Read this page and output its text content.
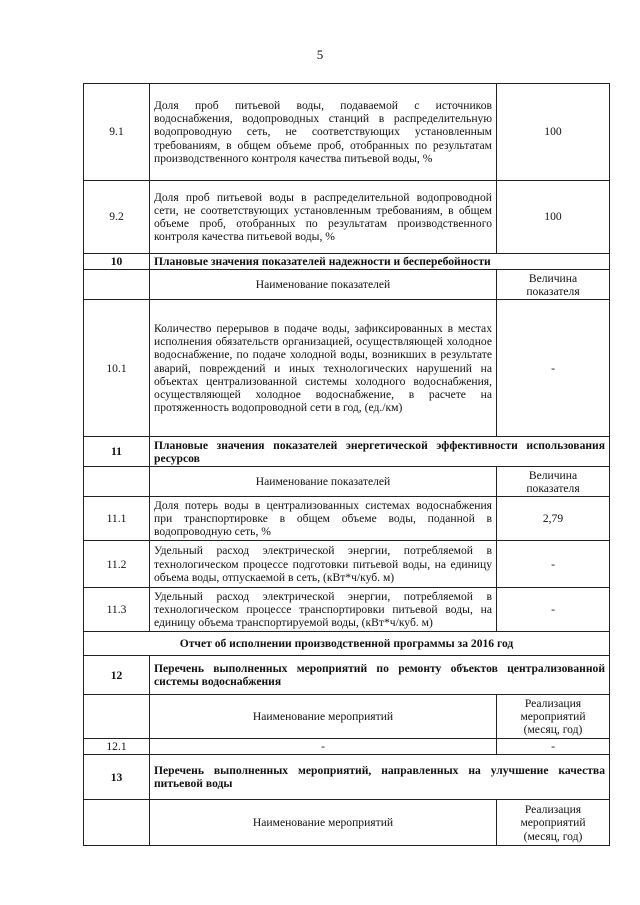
5
9.1	Доля проб питьевой воды, подаваемой с источников водоснабжения, водопроводных станций в распределительную водопроводную сеть, не соответствующих установленным требованиям, в общем объеме проб, отобранных по результатам производственного контроля качества питьевой воды, %	100
9.2	Доля проб питьевой воды в распределительной водопроводной сети, не соответствующих установленным требованиям, в общем объеме проб, отобранных по результатам производственного контроля качества питьевой воды, %	100
10	Плановые значения показателей надежности и бесперебойности	
	Наименование показателей	Величина показателя
10.1	Количество перерывов в подаче воды, зафиксированных в местах исполнения обязательств организацией, осуществляющей холодное водоснабжение, по подаче холодной воды, возникших в результате аварий, повреждений и иных технологических нарушений на объектах централизованной системы холодного водоснабжения, осуществляющей холодное водоснабжение, в расчете на протяженность водопроводной сети в год, (ед./км)	-
11	Плановые значения показателей энергетической эффективности использования ресурсов	
	Наименование показателей	Величина показателя
11.1	Доля потерь воды в централизованных системах водоснабжения при транспортировке в общем объеме воды, поданной в водопроводную сеть, %	2,79
11.2	Удельный расход электрической энергии, потребляемой в технологическом процессе подготовки питьевой воды, на единицу объема воды, отпускаемой в сеть, (кВт*ч/куб. м)	-
11.3	Удельный расход электрической энергии, потребляемой в технологическом процессе транспортировки питьевой воды, на единицу объема транспортируемой воды, (кВт*ч/куб. м)	-
Отчет об исполнении производственной программы за 2016 год		
12	Перечень выполненных мероприятий по ремонту объектов централизованной системы водоснабжения	
	Наименование мероприятий	Реализация мероприятий (месяц, год)
12.1	-	-
13	Перечень выполненных мероприятий, направленных на улучшение качества питьевой воды	
	Наименование мероприятий	Реализация мероприятий (месяц, год)
